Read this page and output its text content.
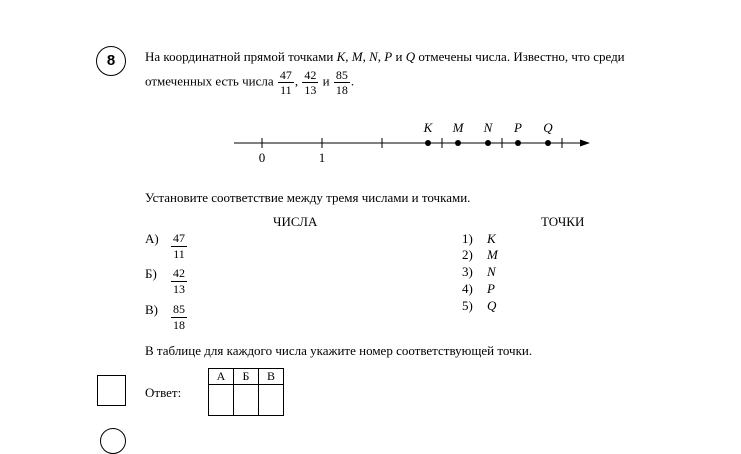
8	На координатной прямой точками K, M, N, P и Q отмечены числа. Известно, что среди
отмеченных есть числа $\frac{47}{11}$ , $\frac{42}{13}$ и $\frac{85}{18}$ .
0	1
K M N P Q
Установите соответствие между тремя числами и точками.
ЧИСЛА	ТОЧКИ
$А) \frac{47}{11}$
$Б) \frac{42}{13}$
$В) \frac{85}{18}$
1) K
2) M
3) N
4) P
5) Q
В таблице для каждого числа укажите номер соответствующей точки.
Ответ:
А	Б	В
